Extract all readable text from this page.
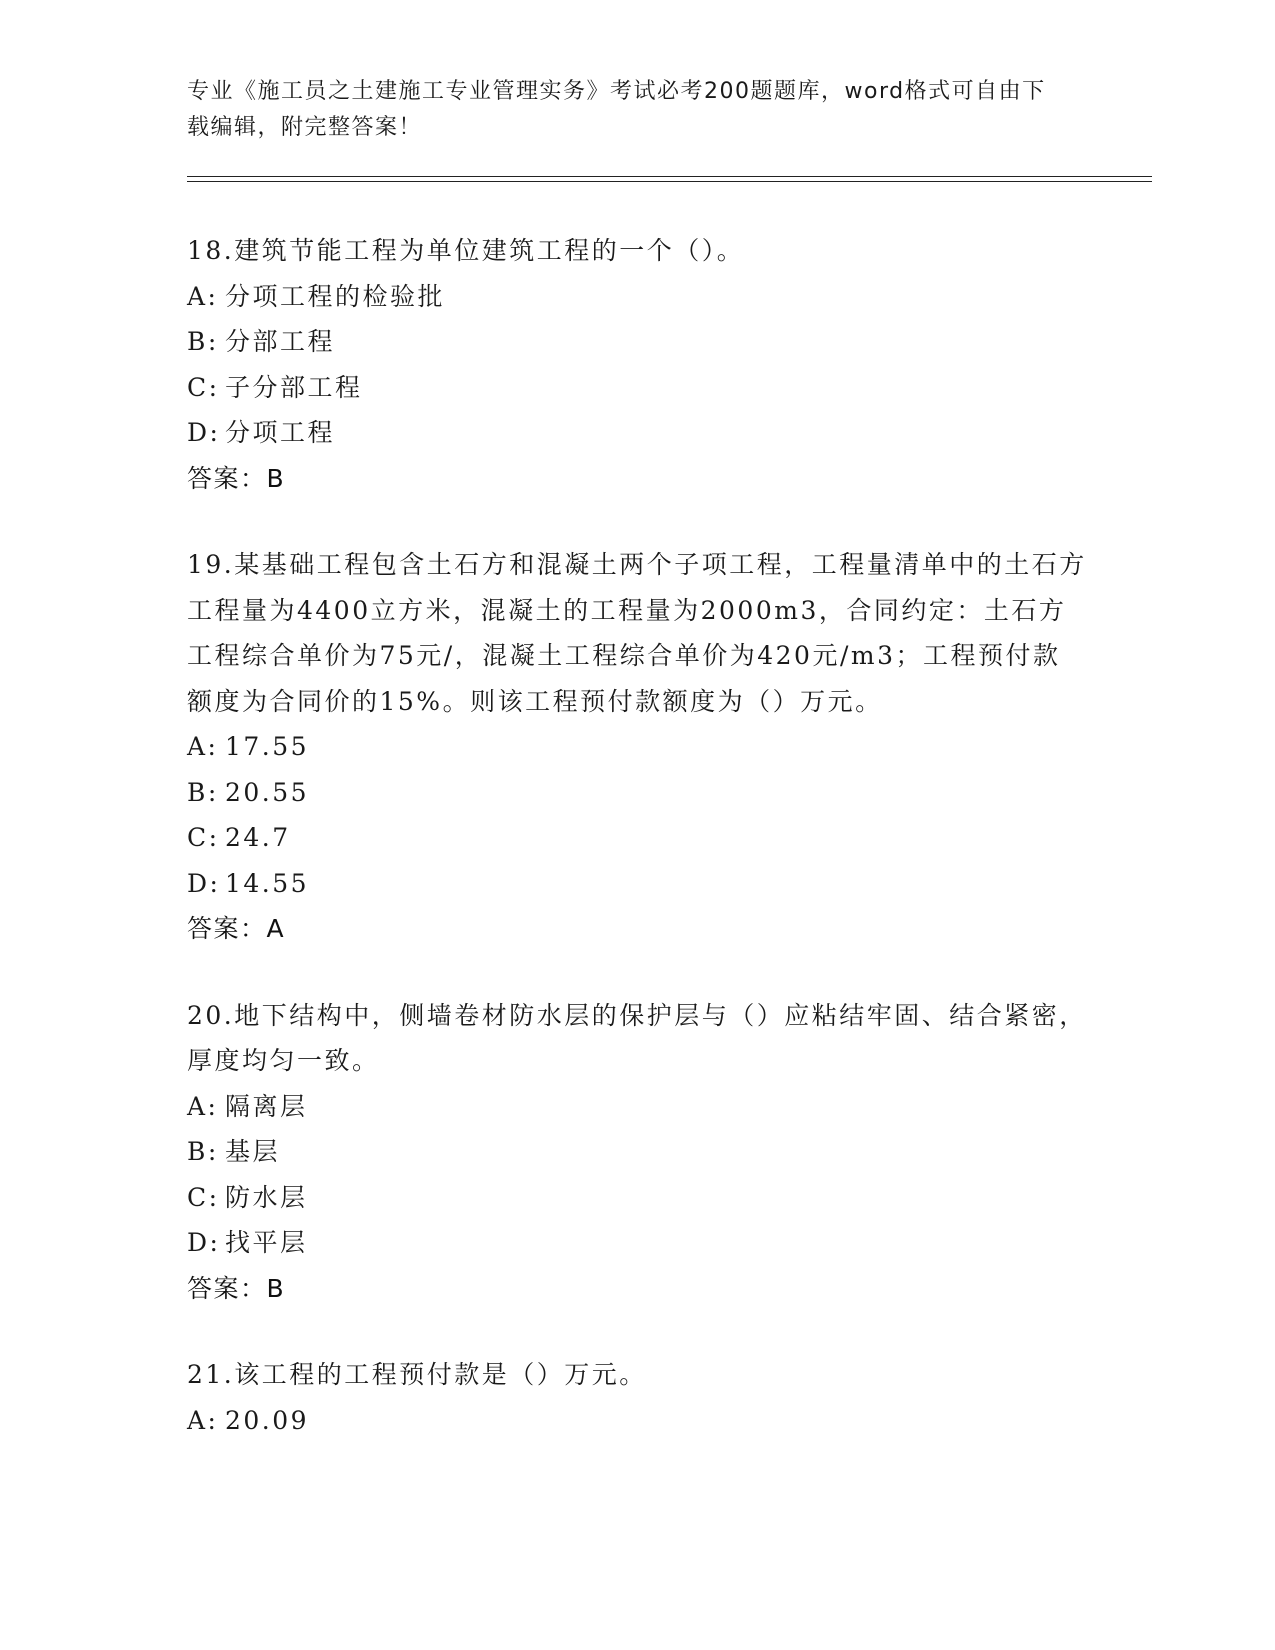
专业《施工员之土建施工专业管理实务》考试必考200题题库，word格式可自由下载编辑，附完整答案！

18.建筑节能工程为单位建筑工程的一个（）。

A: 分项工程的检验批

B: 分部工程

C: 子分部工程

D: 分项工程

答案：B

19.某基础工程包含土石方和混凝土两个子项工程，工程量清单中的土石方工程量为4400立方米，混凝土的工程量为2000m3，合同约定：土石方工程综合单价为75元/，混凝土工程综合单价为420元/m3；工程预付款额度为合同价的15%。则该工程预付款额度为（）万元。

A: 17.55

B: 20.55

C: 24.7

D: 14.55

答案：A

20.地下结构中，侧墙卷材防水层的保护层与（）应粘结牢固、结合紧密，厚度均匀一致。

A: 隔离层

B: 基层

C: 防水层

D: 找平层

答案：B

21.该工程的工程预付款是（）万元。

A: 20.09
